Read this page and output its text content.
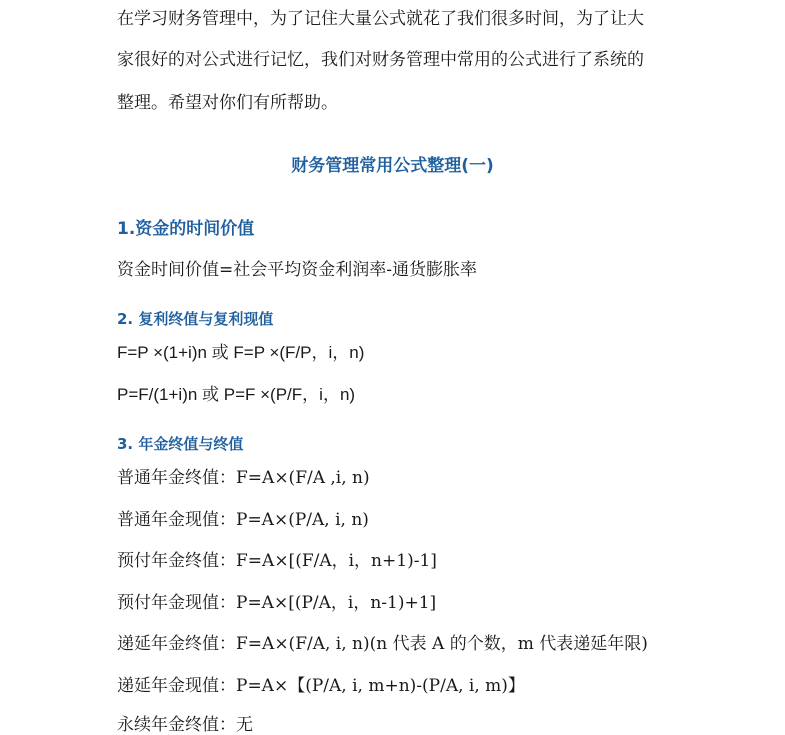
在学习财务管理中，为了记住大量公式就花了我们很多时间，为了让大
家很好的对公式进行记忆，我们对财务管理中常用的公式进行了系统的
整理。希望对你们有所帮助。
财务管理常用公式整理(一)
1.资金的时间价值
资金时间价值=社会平均资金利润率-通货膨胀率
2. 复利终值与复利现值
F=P ×(1+i)n 或 F=P ×(F/P，i，n)
P=F/(1+i)n 或 P=F ×(P/F，i，n)
3. 年金终值与终值
普通年金终值：F=A×(F/A ,i, n)
普通年金现值：P=A×(P/A, i, n)
预付年金终值：F=A×[(F/A，i，n+1)-1]
预付年金现值：P=A×[(P/A，i，n-1)+1]
递延年金终值：F=A×(F/A, i, n)(n 代表 A 的个数，m 代表递延年限)
递延年金现值：P=A×【(P/A, i, m+n)-(P/A, i, m)】
永续年金终值：无
